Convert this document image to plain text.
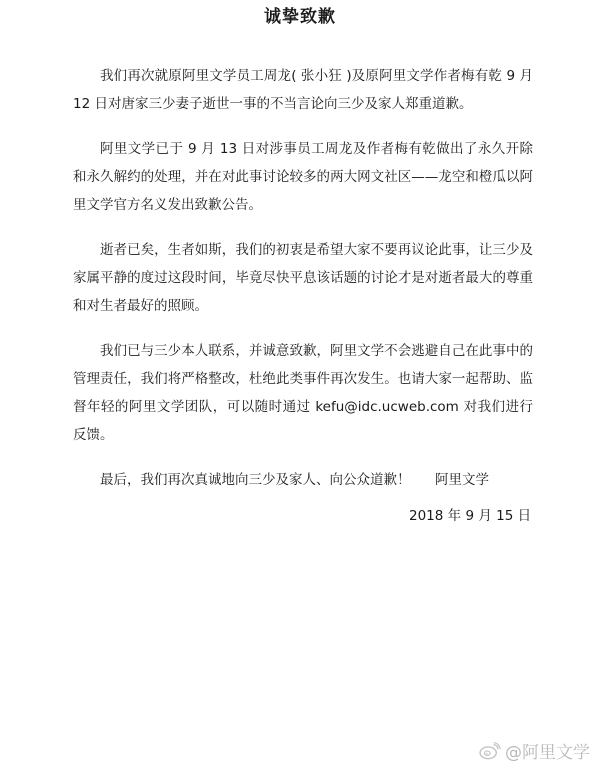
诚挚致歉

我们再次就原阿里文学员工周龙( 张小狂 )及原阿里文学作者梅有乾 9 月 12 日对唐家三少妻子逝世一事的不当言论向三少及家人郑重道歉。

阿里文学已于 9 月 13 日对涉事员工周龙及作者梅有乾做出了永久开除和永久解约的处理，并在对此事讨论较多的两大网文社区——龙空和橙瓜以阿里文学官方名义发出致歉公告。

逝者已矣，生者如斯，我们的初衷是希望大家不要再议论此事，让三少及家属平静的度过这段时间，毕竟尽快平息该话题的讨论才是对逝者最大的尊重和对生者最好的照顾。

我们已与三少本人联系，并诚意致歉，阿里文学不会逃避自己在此事中的管理责任，我们将严格整改，杜绝此类事件再次发生。也请大家一起帮助、监督年轻的阿里文学团队，可以随时通过 kefu@idc.ucweb.com 对我们进行反馈。

最后，我们再次真诚地向三少及家人、向公众道歉！	阿里文学
2018 年 9 月 15 日
@阿里文学
